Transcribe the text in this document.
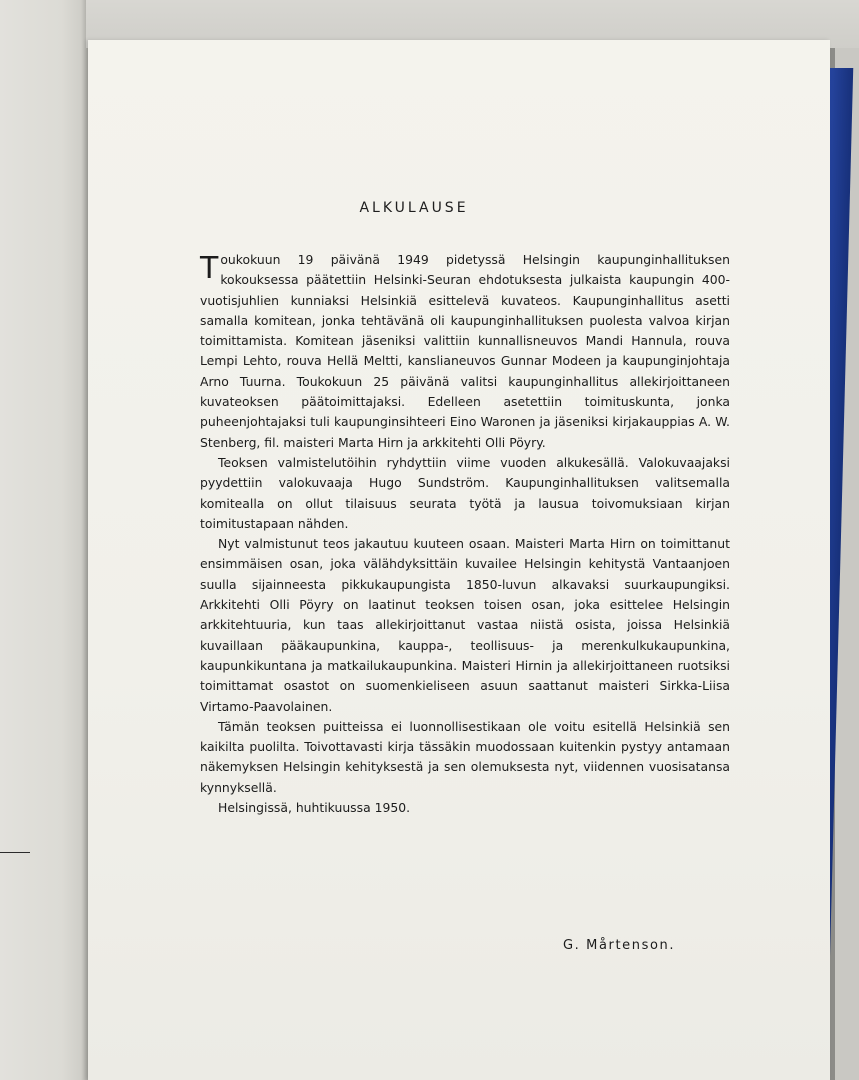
ALKULAUSE

Toukokuun 19 päivänä 1949 pidetyssä Helsingin kaupunginhallituksen kokouksessa päätettiin Helsinki-Seuran ehdotuksesta julkaista kaupungin 400-vuotisjuhlien kunniaksi Helsinkiä esittelevä kuvateos. Kaupunginhallitus asetti samalla komitean, jonka tehtävänä oli kaupunginhallituksen puolesta valvoa kirjan toimittamista. Komitean jäseniksi valittiin kunnallisneuvos Mandi Hannula, rouva Lempi Lehto, rouva Hellä Meltti, kanslianeuvos Gunnar Modeen ja kaupunginjohtaja Arno Tuurna. Toukokuun 25 päivänä valitsi kaupunginhallitus allekirjoittaneen kuvateoksen päätoimittajaksi. Edelleen asetettiin toimituskunta, jonka puheenjohtajaksi tuli kaupunginsihteeri Eino Waronen ja jäseniksi kirjakauppias A. W. Stenberg, fil. maisteri Marta Hirn ja arkkitehti Olli Pöyry.

Teoksen valmistelutöihin ryhdyttiin viime vuoden alkukesällä. Valokuvaajaksi pyydettiin valokuvaaja Hugo Sundström. Kaupunginhallituksen valitsemalla komitealla on ollut tilaisuus seurata työtä ja lausua toivomuksiaan kirjan toimitustapaan nähden.

Nyt valmistunut teos jakautuu kuuteen osaan. Maisteri Marta Hirn on toimittanut ensimmäisen osan, joka välähdyksittäin kuvailee Helsingin kehitystä Vantaanjoen suulla sijainneesta pikkukaupungista 1850-luvun alkavaksi suurkaupungiksi. Arkkitehti Olli Pöyry on laatinut teoksen toisen osan, joka esittelee Helsingin arkkitehtuuria, kun taas allekirjoittanut vastaa niistä osista, joissa Helsinkiä kuvaillaan pääkaupunkina, kauppa-, teollisuus- ja merenkulkukaupunkina, kaupunkikuntana ja matkailukaupunkina. Maisteri Hirnin ja allekirjoittaneen ruotsiksi toimittamat osastot on suomenkieliseen asuun saattanut maisteri Sirkka-Liisa Virtamo-Paavolainen.

Tämän teoksen puitteissa ei luonnollisestikaan ole voitu esitellä Helsinkiä sen kaikilta puolilta. Toivottavasti kirja tässäkin muodossaan kuitenkin pystyy antamaan näkemyksen Helsingin kehityksestä ja sen olemuksesta nyt, viidennen vuosisatansa kynnyksellä.

Helsingissä, huhtikuussa 1950.

G. Mårtenson.
